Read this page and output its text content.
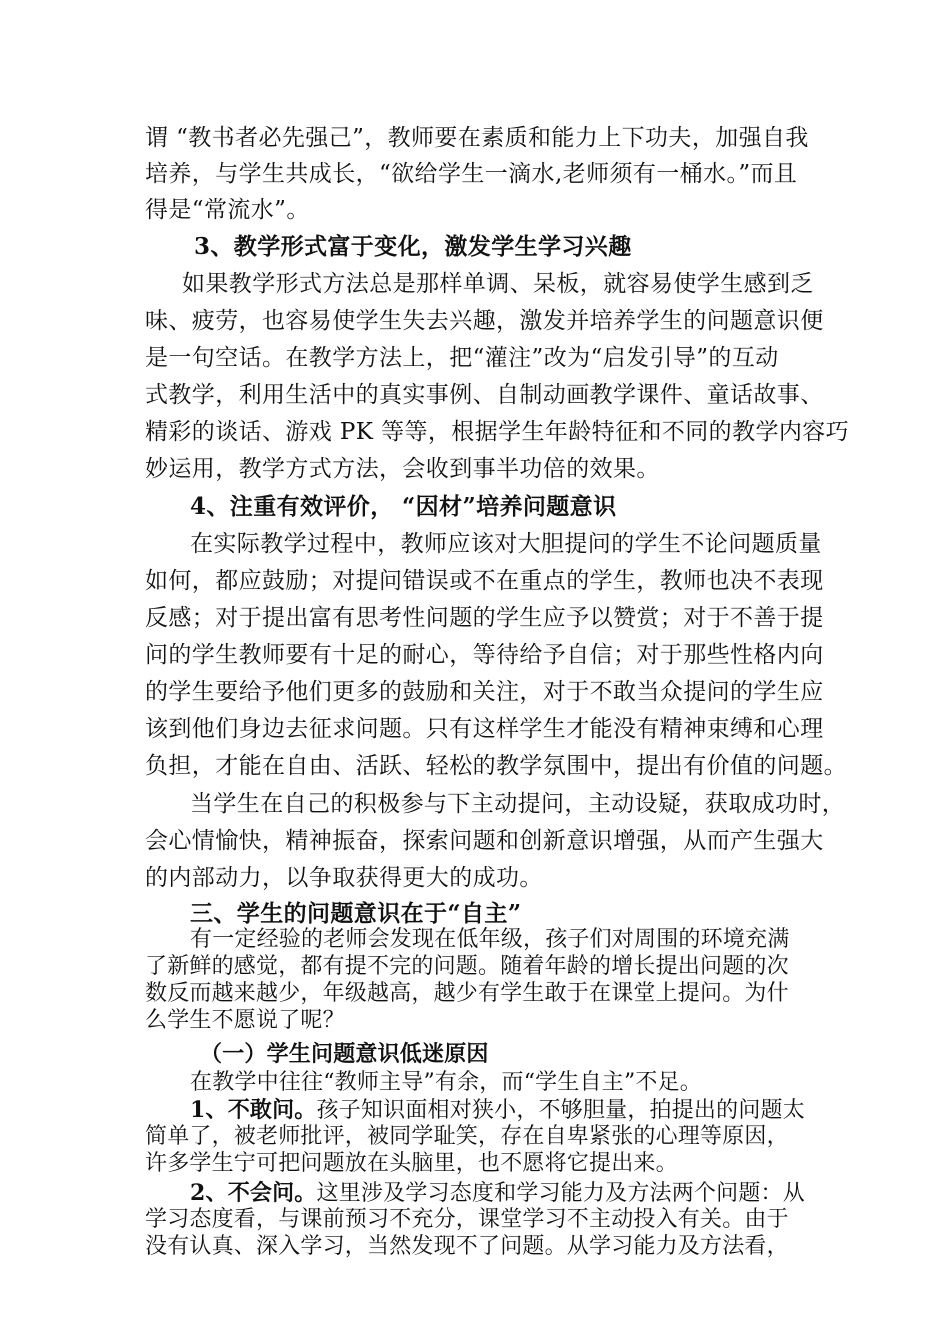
谓 “教书者必先强己”，教师要在素质和能力上下功夫，加强自我
培养，与学生共成长，“欲给学生一滴水,老师须有一桶水。”而且
得是“常流水”。
3、教学形式富于变化，激发学生学习兴趣
如果教学形式方法总是那样单调、呆板，就容易使学生感到乏
味、疲劳，也容易使学生失去兴趣，激发并培养学生的问题意识便
是一句空话。在教学方法上，把“灌注”改为“启发引导”的互动
式教学，利用生活中的真实事例、自制动画教学课件、童话故事、
精彩的谈话、游戏 PK 等等，根据学生年龄特征和不同的教学内容巧
妙运用，教学方式方法，会收到事半功倍的效果。
4、注重有效评价， “因材”培养问题意识
在实际教学过程中，教师应该对大胆提问的学生不论问题质量
如何，都应鼓励；对提问错误或不在重点的学生，教师也决不表现
反感；对于提出富有思考性问题的学生应予以赞赏；对于不善于提
问的学生教师要有十足的耐心，等待给予自信；对于那些性格内向
的学生要给予他们更多的鼓励和关注，对于不敢当众提问的学生应
该到他们身边去征求问题。只有这样学生才能没有精神束缚和心理
负担，才能在自由、活跃、轻松的教学氛围中，提出有价值的问题。
当学生在自己的积极参与下主动提问，主动设疑，获取成功时，
会心情愉快，精神振奋，探索问题和创新意识增强，从而产生强大
的内部动力，以争取获得更大的成功。
三、学生的问题意识在于“自主”
有一定经验的老师会发现在低年级，孩子们对周围的环境充满
了新鲜的感觉，都有提不完的问题。随着年龄的增长提出问题的次
数反而越来越少，年级越高，越少有学生敢于在课堂上提问。为什
么学生不愿说了呢？
（一）学生问题意识低迷原因
在教学中往往“教师主导”有余，而“学生自主”不足。
1、不敢问。孩子知识面相对狭小，不够胆量，拍提出的问题太
简单了，被老师批评，被同学耻笑，存在自卑紧张的心理等原因，
许多学生宁可把问题放在头脑里，也不愿将它提出来。
2、不会问。这里涉及学习态度和学习能力及方法两个问题：从
学习态度看，与课前预习不充分，课堂学习不主动投入有关。由于
没有认真、深入学习，当然发现不了问题。从学习能力及方法看，
